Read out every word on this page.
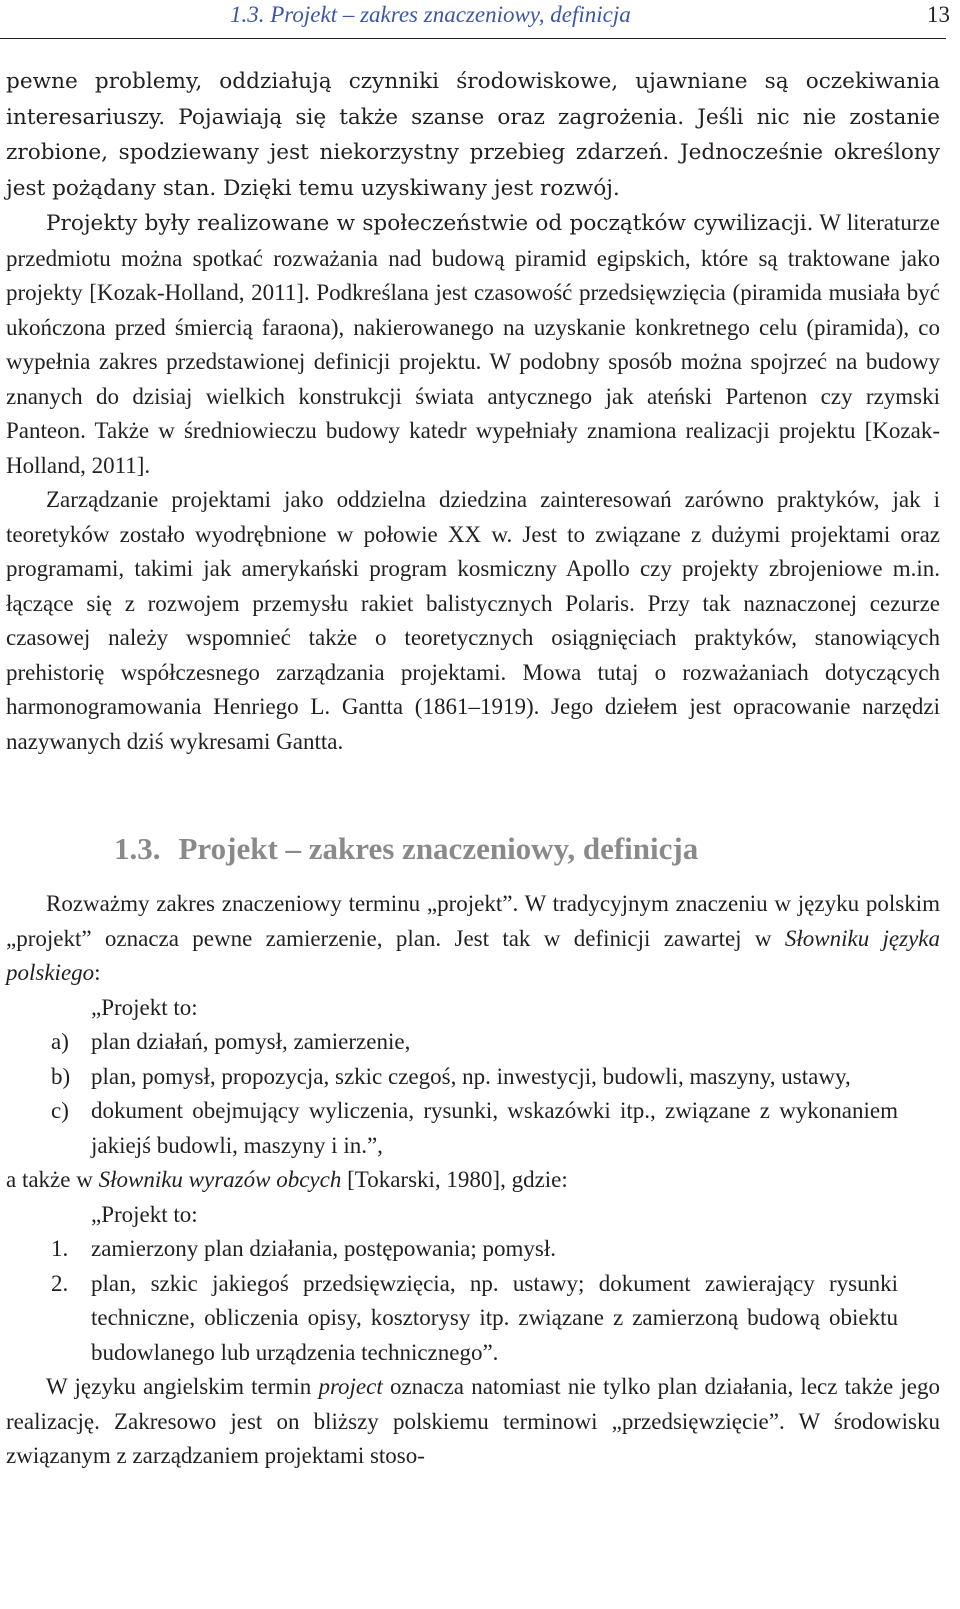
1.3. Projekt – zakres znaczeniowy, definicja	13

pewne problemy, oddziałują czynniki środowiskowe, ujawniane są oczekiwania interesariuszy. Pojawiają się także szanse oraz zagrożenia. Jeśli nic nie zostanie zrobione, spodziewany jest niekorzystny przebieg zdarzeń. Jednocześnie określony jest pożądany stan. Dzięki temu uzyskiwany jest rozwój.

Projekty były realizowane w społeczeństwie od początków cywilizacji. W literaturze przedmiotu można spotkać rozważania nad budową piramid egipskich, które są traktowane jako projekty [Kozak-Holland, 2011]. Podkreślana jest czasowość przedsięwzięcia (piramida musiała być ukończona przed śmiercią faraona), nakierowanego na uzyskanie konkretnego celu (piramida), co wypełnia zakres przedstawionej definicji projektu. W podobny sposób można spojrzeć na budowy znanych do dzisiaj wielkich konstrukcji świata antycznego jak ateński Partenon czy rzymski Panteon. Także w średniowieczu budowy katedr wypełniały znamiona realizacji projektu [Kozak-Holland, 2011].

Zarządzanie projektami jako oddzielna dziedzina zainteresowań zarówno praktyków, jak i teoretyków zostało wyodrębnione w połowie XX w. Jest to związane z dużymi projektami oraz programami, takimi jak amerykański program kosmiczny Apollo czy projekty zbrojeniowe m.in. łączące się z rozwojem przemysłu rakiet balistycznych Polaris. Przy tak naznaczonej cezurze czasowej należy wspomnieć także o teoretycznych osiągnięciach praktyków, stanowiących prehistorię współczesnego zarządzania projektami. Mowa tutaj o rozważaniach dotyczących harmonogramowania Henriego L. Gantta (1861–1919). Jego dziełem jest opracowanie narzędzi nazywanych dziś wykresami Gantta.

1.3. Projekt – zakres znaczeniowy, definicja

Rozważmy zakres znaczeniowy terminu „projekt”. W tradycyjnym znaczeniu w języku polskim „projekt” oznacza pewne zamierzenie, plan. Jest tak w definicji zawartej w Słowniku języka polskiego:

„Projekt to:

a) plan działań, pomysł, zamierzenie,
b) plan, pomysł, propozycja, szkic czegoś, np. inwestycji, budowli, maszyny, ustawy,
c) dokument obejmujący wyliczenia, rysunki, wskazówki itp., związane z wykonaniem jakiejś budowli, maszyny i in.”,

a także w Słowniku wyrazów obcych [Tokarski, 1980], gdzie:

„Projekt to:

1. zamierzony plan działania, postępowania; pomysł.
2. plan, szkic jakiegoś przedsięwzięcia, np. ustawy; dokument zawierający rysunki techniczne, obliczenia opisy, kosztorysy itp. związane z zamierzoną budową obiektu budowlanego lub urządzenia technicznego”.

W języku angielskim termin project oznacza natomiast nie tylko plan działania, lecz także jego realizację. Zakresowo jest on bliższy polskiemu terminowi „przedsięwzięcie”. W środowisku związanym z zarządzaniem projektami stoso-
